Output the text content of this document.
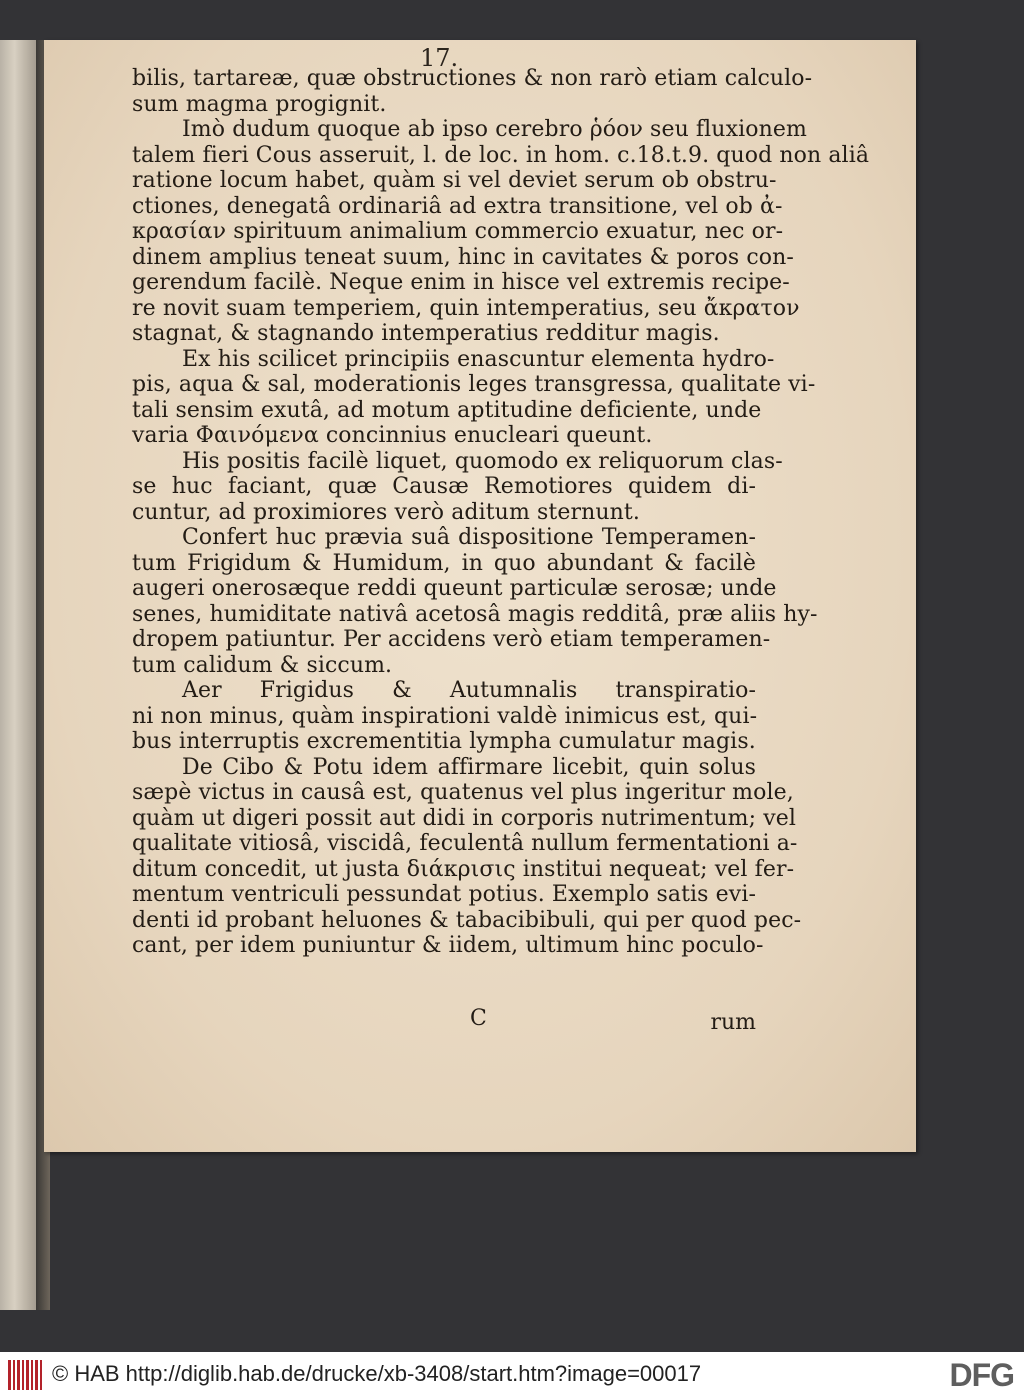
17.
bilis, tartareæ, quæ obstructiones & non rarò etiam calculo-
sum magma progignit.
Imò dudum quoque ab ipso cerebro ῥόον seu fluxionem
talem fieri Cous asseruit, l. de loc. in hom. c.18.t.9. quod non aliâ
ratione locum habet, quàm si vel deviet serum ob obstru-
ctiones, denegatâ ordinariâ ad extra transitione, vel ob ἀ-
κρασίαν spirituum animalium commercio exuatur, nec or-
dinem amplius teneat suum, hinc in cavitates & poros con-
gerendum facilè. Neque enim in hisce vel extremis recipe-
re novit suam temperiem, quin intemperatius, seu ἄκρατον
stagnat, & stagnando intemperatius redditur magis.
Ex his scilicet principiis enascuntur elementa hydro-
pis, aqua & sal, moderationis leges transgressa, qualitate vi-
tali sensim exutâ, ad motum aptitudine deficiente, unde
varia Φαινόμενα concinnius enucleari queunt.
His positis facilè liquet, quomodo ex reliquorum clas-
se huc faciant, quæ Causæ Remotiores quidem di-
cuntur, ad proximiores verò aditum sternunt.
Confert huc prævia suâ dispositione Temperamen-
tum Frigidum & Humidum, in quo abundant & facilè
augeri onerosæque reddi queunt particulæ serosæ; unde
senes, humiditate nativâ acetosâ magis redditâ, præ aliis hy-
dropem patiuntur. Per accidens verò etiam temperamen-
tum calidum & siccum.
Aer Frigidus & Autumnalis transpiratio-
ni non minus, quàm inspirationi valdè inimicus est, qui-
bus interruptis excrementitia lympha cumulatur magis.
De Cibo & Potu idem affirmare licebit, quin solus
sæpè victus in causâ est, quatenus vel plus ingeritur mole,
quàm ut digeri possit aut didi in corporis nutrimentum; vel
qualitate vitiosâ, viscidâ, feculentâ nullum fermentationi a-
ditum concedit, ut justa διάκρισις institui nequeat; vel fer-
mentum ventriculi pessundat potius. Exemplo satis evi-
denti id probant heluones & tabacibibuli, qui per quod pec-
cant, per idem puniuntur & iidem, ultimum hinc poculo-
C	rum
© HAB http://diglib.hab.de/drucke/xb-3408/start.htm?image=00017	DFG
